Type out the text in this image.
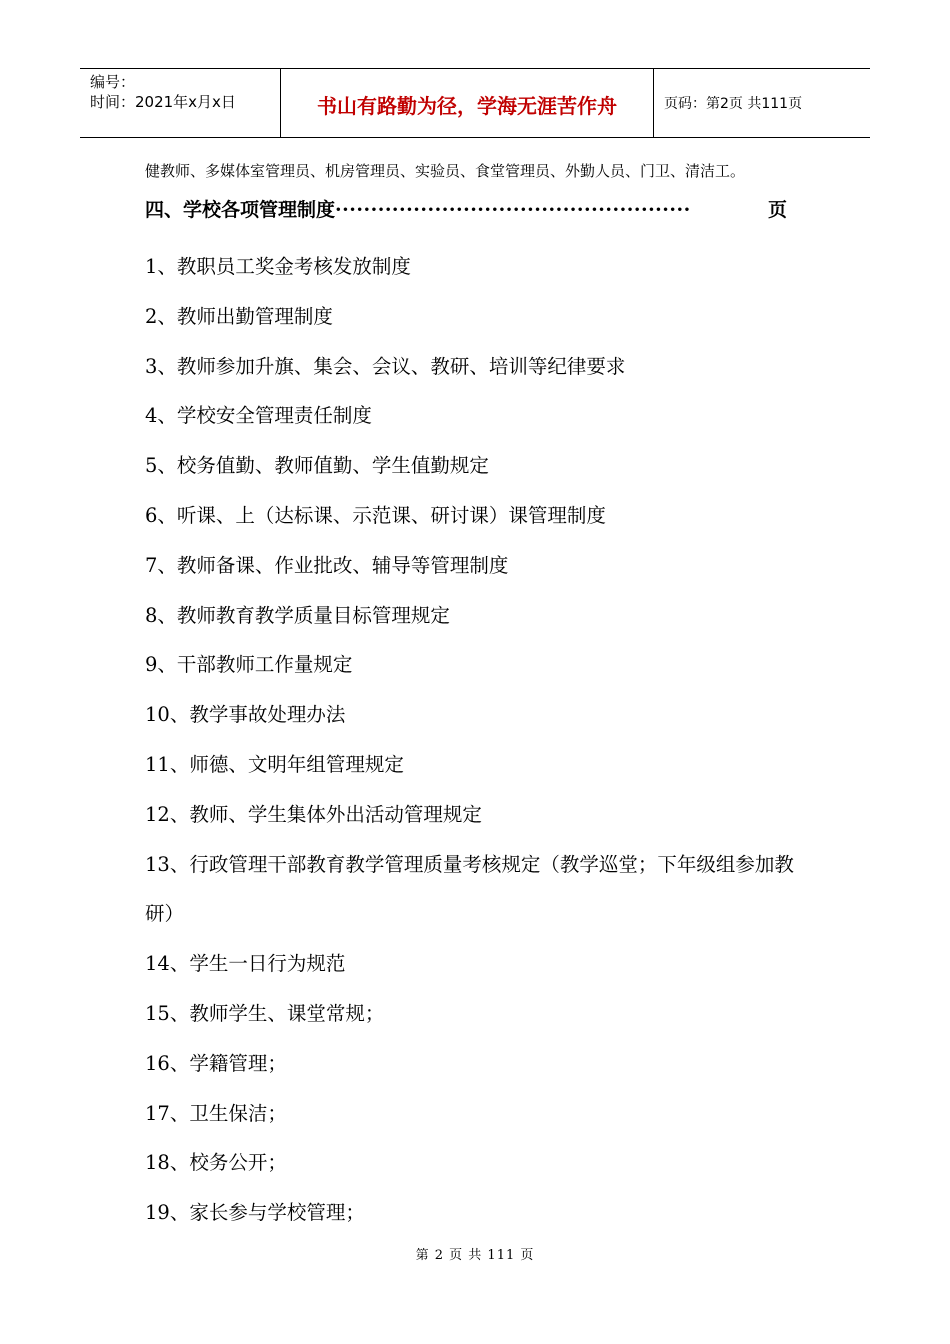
编号：
时间：2021年x月x日	书山有路勤为径，学海无涯苦作舟	页码：第2页 共111页
健教师、多媒体室管理员、机房管理员、实验员、食堂管理员、外勤人员、门卫、清洁工。
四、学校各项管理制度··················································	页
1、教职员工奖金考核发放制度
2、教师出勤管理制度
3、教师参加升旗、集会、会议、教研、培训等纪律要求
4、学校安全管理责任制度
5、校务值勤、教师值勤、学生值勤规定
6、听课、上（达标课、示范课、研讨课）课管理制度
7、教师备课、作业批改、辅导等管理制度
8、教师教育教学质量目标管理规定
9、干部教师工作量规定
10、教学事故处理办法
11、师德、文明年组管理规定
12、教师、学生集体外出活动管理规定
13、行政管理干部教育教学管理质量考核规定（教学巡堂；下年级组参加教研）
14、学生一日行为规范
15、教师学生、课堂常规；
16、学籍管理；
17、卫生保洁；
18、校务公开；
19、家长参与学校管理；
第 2 页 共 111 页
